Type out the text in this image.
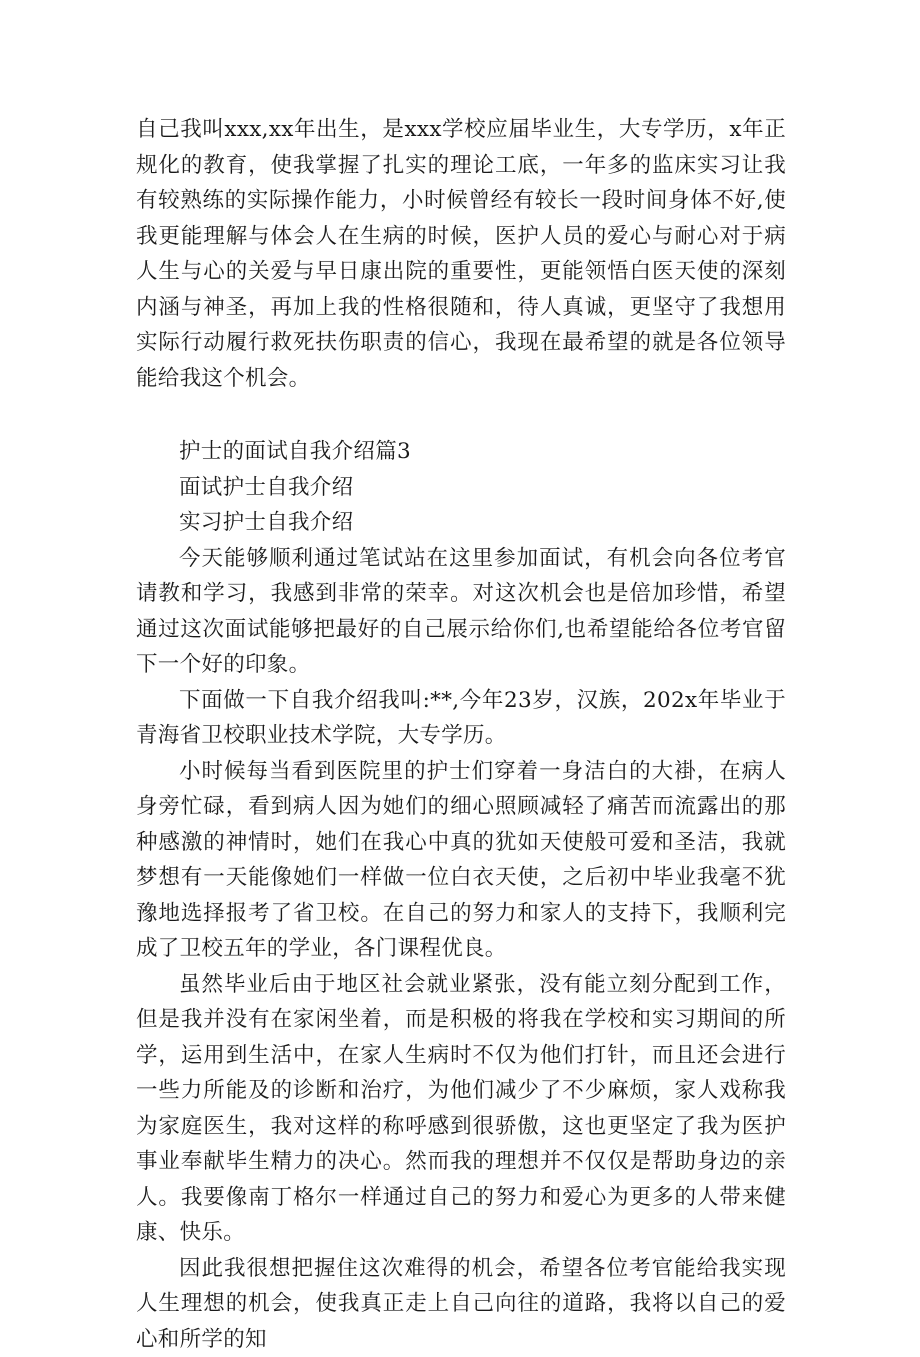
自己我叫xxx,xx年出生，是xxx学校应届毕业生，大专学历，x年正规化的教育，使我掌握了扎实的理论工底，一年多的监床实习让我有较熟练的实际操作能力，小时候曾经有较长一段时间身体不好,使我更能理解与体会人在生病的时候，医护人员的爱心与耐心对于病人生与心的关爱与早日康出院的重要性，更能领悟白医天使的深刻内涵与神圣，再加上我的性格很随和，待人真诚，更坚守了我想用实际行动履行救死扶伤职责的信心，我现在最希望的就是各位领导能给我这个机会。

护士的面试自我介绍篇3

面试护士自我介绍

实习护士自我介绍

今天能够顺利通过笔试站在这里参加面试，有机会向各位考官请教和学习，我感到非常的荣幸。对这次机会也是倍加珍惜，希望通过这次面试能够把最好的自己展示给你们,也希望能给各位考官留下一个好的印象。

下面做一下自我介绍我叫:**,今年23岁，汉族，202x年毕业于青海省卫校职业技术学院，大专学历。

小时候每当看到医院里的护士们穿着一身洁白的大褂，在病人身旁忙碌，看到病人因为她们的细心照顾减轻了痛苦而流露出的那种感激的神情时，她们在我心中真的犹如天使般可爱和圣洁，我就梦想有一天能像她们一样做一位白衣天使，之后初中毕业我毫不犹豫地选择报考了省卫校。在自己的努力和家人的支持下，我顺利完成了卫校五年的学业，各门课程优良。

虽然毕业后由于地区社会就业紧张，没有能立刻分配到工作，但是我并没有在家闲坐着，而是积极的将我在学校和实习期间的所学，运用到生活中，在家人生病时不仅为他们打针，而且还会进行一些力所能及的诊断和治疗，为他们减少了不少麻烦，家人戏称我为家庭医生，我对这样的称呼感到很骄傲，这也更坚定了我为医护事业奉献毕生精力的决心。然而我的理想并不仅仅是帮助身边的亲人。我要像南丁格尔一样通过自己的努力和爱心为更多的人带来健康、快乐。

因此我很想把握住这次难得的机会，希望各位考官能给我实现人生理想的机会，使我真正走上自己向往的道路，我将以自己的爱心和所学的知
